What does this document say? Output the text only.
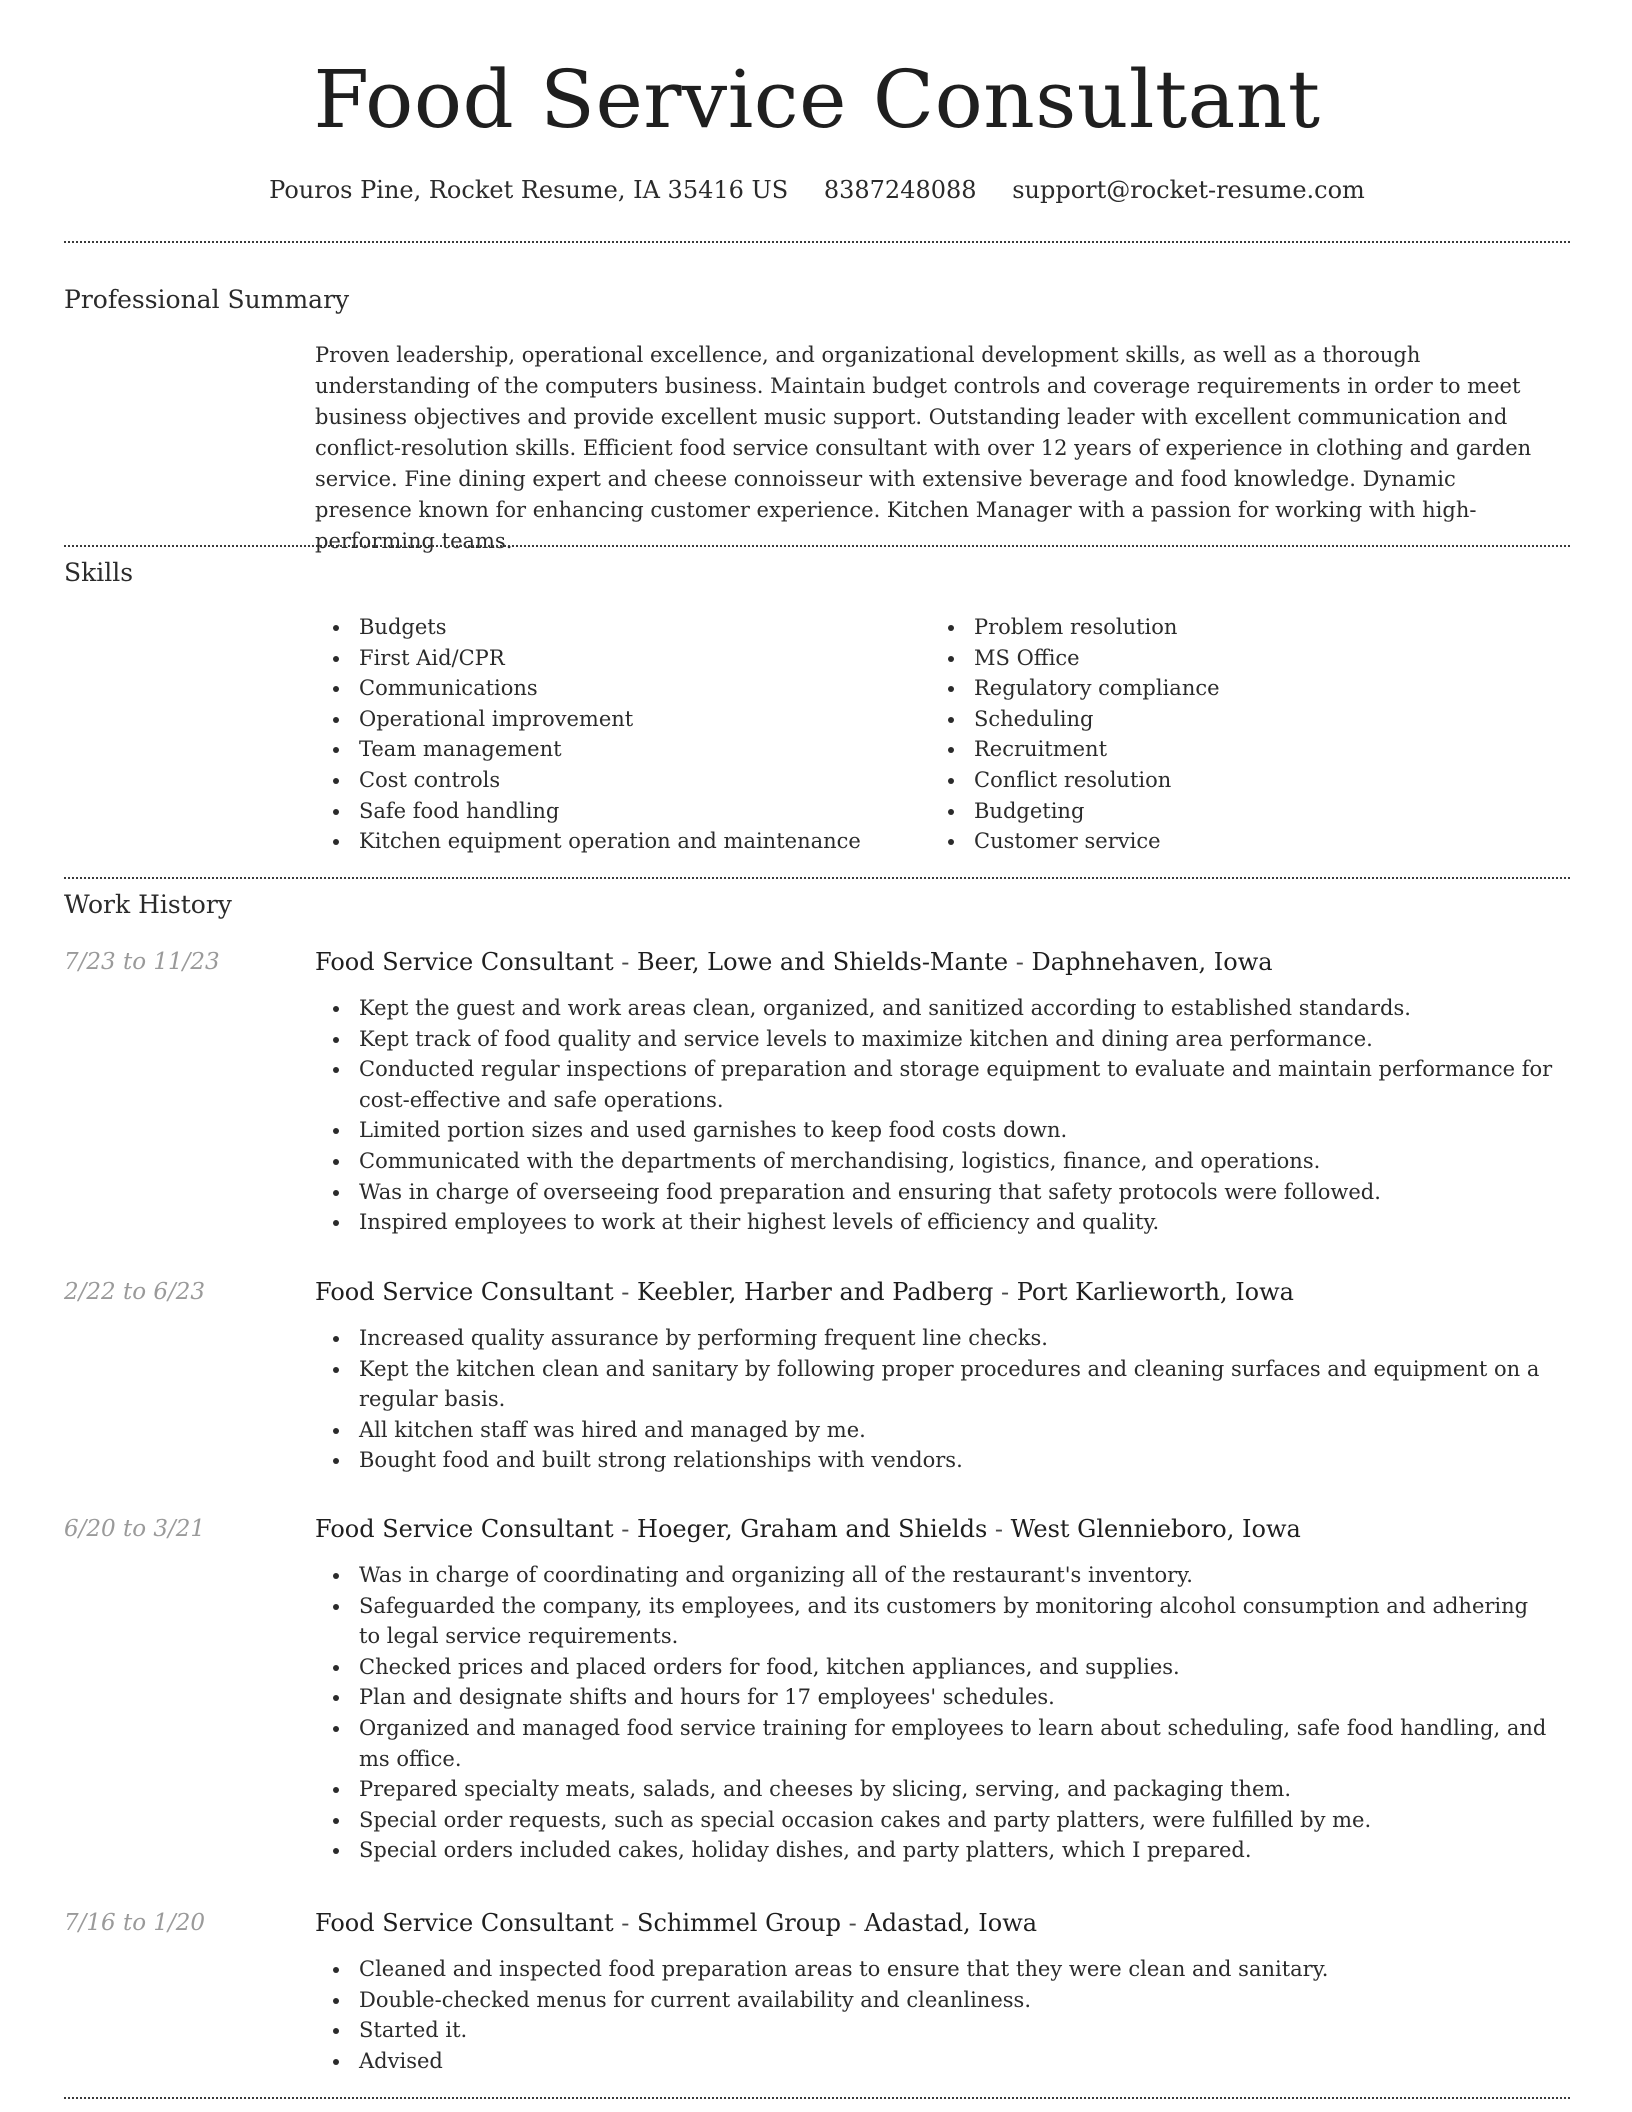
Food Service Consultant
Pouros Pine, Rocket Resume, IA 35416 US 8387248088 support@rocket-resume.com
Professional Summary
Proven leadership, operational excellence, and organizational development skills, as well as a thorough understanding of the computers business. Maintain budget controls and coverage requirements in order to meet business objectives and provide excellent music support. Outstanding leader with excellent communication and conflict-resolution skills. Efficient food service consultant with over 12 years of experience in clothing and garden service. Fine dining expert and cheese connoisseur with extensive beverage and food knowledge. Dynamic presence known for enhancing customer experience. Kitchen Manager with a passion for working with high-performing teams.
Skills
Budgets
First Aid/CPR
Communications
Operational improvement
Team management
Cost controls
Safe food handling
Kitchen equipment operation and maintenance
Problem resolution
MS Office
Regulatory compliance
Scheduling
Recruitment
Conflict resolution
Budgeting
Customer service
Work History
7/23 to 11/23	Food Service Consultant - Beer, Lowe and Shields-Mante - Daphnehaven, Iowa
Kept the guest and work areas clean, organized, and sanitized according to established standards.
Kept track of food quality and service levels to maximize kitchen and dining area performance.
Conducted regular inspections of preparation and storage equipment to evaluate and maintain performance for cost-effective and safe operations.
Limited portion sizes and used garnishes to keep food costs down.
Communicated with the departments of merchandising, logistics, finance, and operations.
Was in charge of overseeing food preparation and ensuring that safety protocols were followed.
Inspired employees to work at their highest levels of efficiency and quality.
2/22 to 6/23	Food Service Consultant - Keebler, Harber and Padberg - Port Karlieworth, Iowa
Increased quality assurance by performing frequent line checks.
Kept the kitchen clean and sanitary by following proper procedures and cleaning surfaces and equipment on a regular basis.
All kitchen staff was hired and managed by me.
Bought food and built strong relationships with vendors.
6/20 to 3/21	Food Service Consultant - Hoeger, Graham and Shields - West Glennieboro, Iowa
Was in charge of coordinating and organizing all of the restaurant's inventory.
Safeguarded the company, its employees, and its customers by monitoring alcohol consumption and adhering to legal service requirements.
Checked prices and placed orders for food, kitchen appliances, and supplies.
Plan and designate shifts and hours for 17 employees' schedules.
Organized and managed food service training for employees to learn about scheduling, safe food handling, and ms office.
Prepared specialty meats, salads, and cheeses by slicing, serving, and packaging them.
Special order requests, such as special occasion cakes and party platters, were fulfilled by me.
Special orders included cakes, holiday dishes, and party platters, which I prepared.
7/16 to 1/20	Food Service Consultant - Schimmel Group - Adastad, Iowa
Cleaned and inspected food preparation areas to ensure that they were clean and sanitary.
Double-checked menus for current availability and cleanliness.
Started it.
Advised
